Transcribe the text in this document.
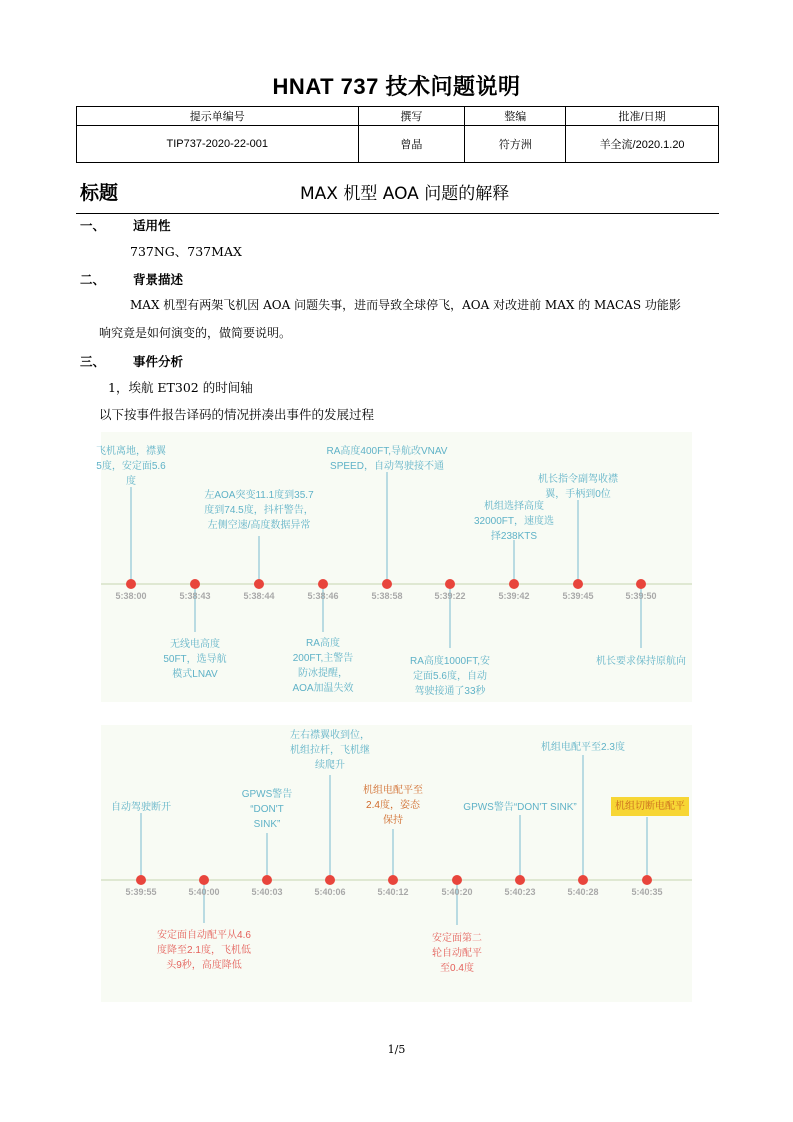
HNAT 737 技术问题说明
提示单编号	撰写	整编	批准/日期
TIP737-2020-22-001	曾晶	符方洲	羊全流/2020.1.20
标题	MAX 机型 AOA 问题的解释
一、 适用性
737NG、737MAX
二、 背景描述
MAX 机型有两架飞机因 AOA 问题失事，进而导致全球停飞，AOA 对改进前 MAX 的 MACAS 功能影
响究竟是如何演变的，做简要说明。
三、 事件分析
1，埃航 ET302 的时间轴
以下按事件报告译码的情况拼凑出事件的发展过程
飞机离地，襟翼
5度，安定面5.6
度
左AOA突变11.1度到35.7
度到74.5度，抖杆警告，
左侧空速/高度数据异常
RA高度400FT,导航改VNAV
SPEED，自动驾驶接不通
机组选择高度
32000FT，速度选
择238KTS
机长指令副驾收襟
翼，手柄到0位
无线电高度
50FT，选导航
模式LNAV
RA高度
200FT,主警告
防冰提醒，
AOA加温失效
RA高度1000FT,安
定面5.6度，自动
驾驶接通了33秒
机长要求保持原航向
5:38:00	5:38:43	5:38:44	5:38:46	5:38:58	5:39:22	5:39:42	5:39:45	5:39:50
自动驾驶断开
GPWS警告
“DON'T
SINK”
左右襟翼收到位，
机组拉杆，飞机继
续爬升
机组电配平至
2.4度，姿态
保持
GPWS警告“DON'T SINK”
机组电配平至2.3度
机组切断电配平
安定面自动配平从4.6
度降至2.1度，飞机低
头9秒，高度降低
安定面第二
轮自动配平
至0.4度
5:39:55	5:40:00	5:40:03	5:40:06	5:40:12	5:40:20	5:40:23	5:40:28	5:40:35
1/5
